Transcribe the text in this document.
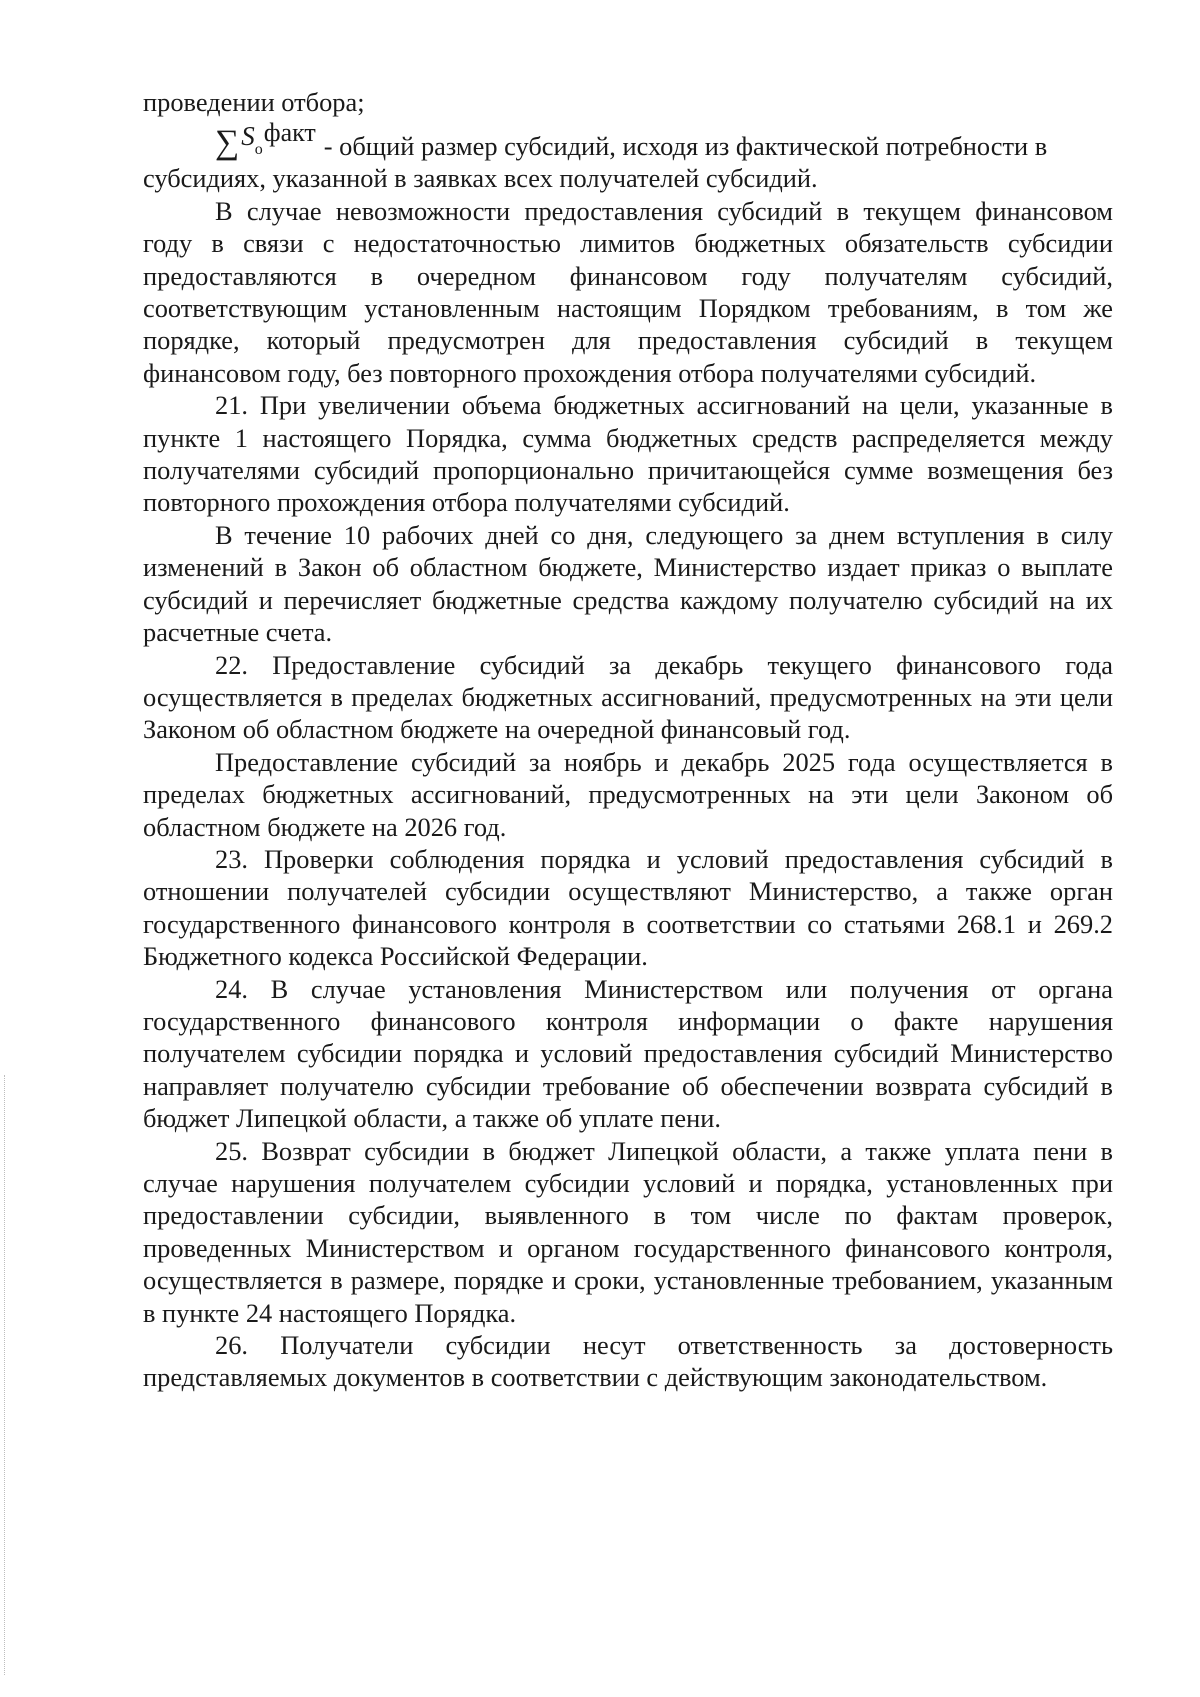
проведении отбора;

∑ S o
факт - общий размер субсидий, исходя из фактической потребности в

субсидиях, указанной в заявках всех получателей субсидий.

В случае невозможности предоставления субсидий в текущем финансовом году в связи с недостаточностью лимитов бюджетных обязательств субсидии предоставляются в очередном финансовом году получателям субсидий, соответствующим установленным настоящим Порядком требованиям, в том же порядке, который предусмотрен для предоставления субсидий в текущем финансовом году, без повторного прохождения отбора получателями субсидий.

21. При увеличении объема бюджетных ассигнований на цели, указанные в пункте 1 настоящего Порядка, сумма бюджетных средств распределяется между получателями субсидий пропорционально причитающейся сумме возмещения без повторного прохождения отбора получателями субсидий.

В течение 10 рабочих дней со дня, следующего за днем вступления в силу изменений в Закон об областном бюджете, Министерство издает приказ о выплате субсидий и перечисляет бюджетные средства каждому получателю субсидий на их расчетные счета.

22. Предоставление субсидий за декабрь текущего финансового года осуществляется в пределах бюджетных ассигнований, предусмотренных на эти цели Законом об областном бюджете на очередной финансовый год.

Предоставление субсидий за ноябрь и декабрь 2025 года осуществляется в пределах бюджетных ассигнований, предусмотренных на эти цели Законом об областном бюджете на 2026 год.

23. Проверки соблюдения порядка и условий предоставления субсидий в отношении получателей субсидии осуществляют Министерство, а также орган государственного финансового контроля в соответствии со статьями 268.1 и 269.2 Бюджетного кодекса Российской Федерации.

24. В случае установления Министерством или получения от органа государственного финансового контроля информации о факте нарушения получателем субсидии порядка и условий предоставления субсидий Министерство направляет получателю субсидии требование об обеспечении возврата субсидий в бюджет Липецкой области, а также об уплате пени.

25. Возврат субсидии в бюджет Липецкой области, а также уплата пени в случае нарушения получателем субсидии условий и порядка, установленных при предоставлении субсидии, выявленного в том числе по фактам проверок, проведенных Министерством и органом государственного финансового контроля, осуществляется в размере, порядке и сроки, установленные требованием, указанным в пункте 24 настоящего Порядка.

26. Получатели субсидии несут ответственность за достоверность представляемых документов в соответствии с действующим законодательством.
